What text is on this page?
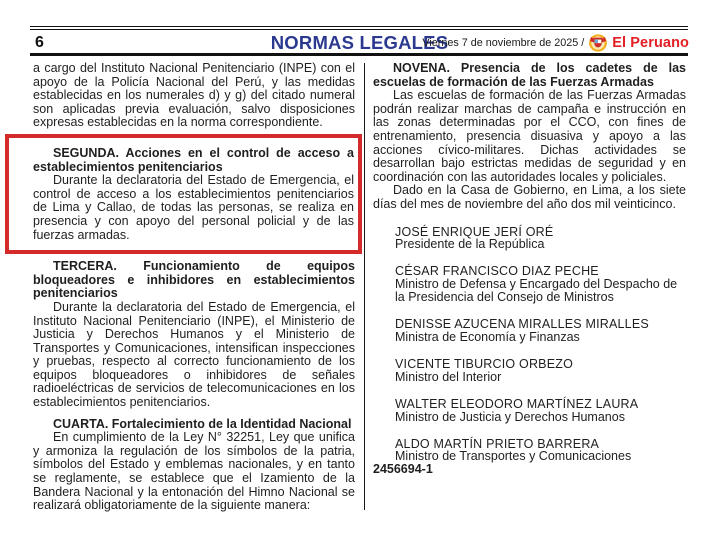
6	NORMAS LEGALES
Viernes 7 de noviembre de 2025 / El Peruano

a cargo del Instituto Nacional Penitenciario (INPE) con el apoyo de la Policía Nacional del Perú, y las medidas establecidas en los numerales d) y g) del citado numeral son aplicadas previa evaluación, salvo disposiciones expresas establecidas en la norma correspondiente.

SEGUNDA. Acciones en el control de acceso a establecimientos penitenciarios

Durante la declaratoria del Estado de Emergencia, el control de acceso a los establecimientos penitenciarios de Lima y Callao, de todas las personas, se realiza en presencia y con apoyo del personal policial y de las fuerzas armadas.

TERCERA. Funcionamiento de equipos bloqueadores e inhibidores en establecimientos penitenciarios

Durante la declaratoria del Estado de Emergencia, el Instituto Nacional Penitenciario (INPE), el Ministerio de Justicia y Derechos Humanos y el Ministerio de Transportes y Comunicaciones, intensifican inspecciones y pruebas, respecto al correcto funcionamiento de los equipos bloqueadores o inhibidores de señales radioeléctricas de servicios de telecomunicaciones en los establecimientos penitenciarios.

CUARTA. Fortalecimiento de la Identidad Nacional

En cumplimiento de la Ley N° 32251, Ley que unifica y armoniza la regulación de los símbolos de la patria, símbolos del Estado y emblemas nacionales, y en tanto se reglamente, se establece que el Izamiento de la Bandera Nacional y la entonación del Himno Nacional se realizará obligatoriamente de la siguiente manera:

NOVENA. Presencia de los cadetes de las escuelas de formación de las Fuerzas Armadas

Las escuelas de formación de las Fuerzas Armadas podrán realizar marchas de campaña e instrucción en las zonas determinadas por el CCO, con fines de entrenamiento, presencia disuasiva y apoyo a las acciones cívico-militares. Dichas actividades se desarrollan bajo estrictas medidas de seguridad y en coordinación con las autoridades locales y policiales.

Dado en la Casa de Gobierno, en Lima, a los siete días del mes de noviembre del año dos mil veinticinco.

JOSÉ ENRIQUE JERÍ ORÉ
Presidente de la República
CÉSAR FRANCISCO DIAZ PECHE
Ministro de Defensa y Encargado del Despacho de la Presidencia del Consejo de Ministros
DENISSE AZUCENA MIRALLES MIRALLES
Ministra de Economía y Finanzas
VICENTE TIBURCIO ORBEZO
Ministro del Interior
WALTER ELEODORO MARTÍNEZ LAURA
Ministro de Justicia y Derechos Humanos
ALDO MARTÍN PRIETO BARRERA
Ministro de Transportes y Comunicaciones

2456694-1
